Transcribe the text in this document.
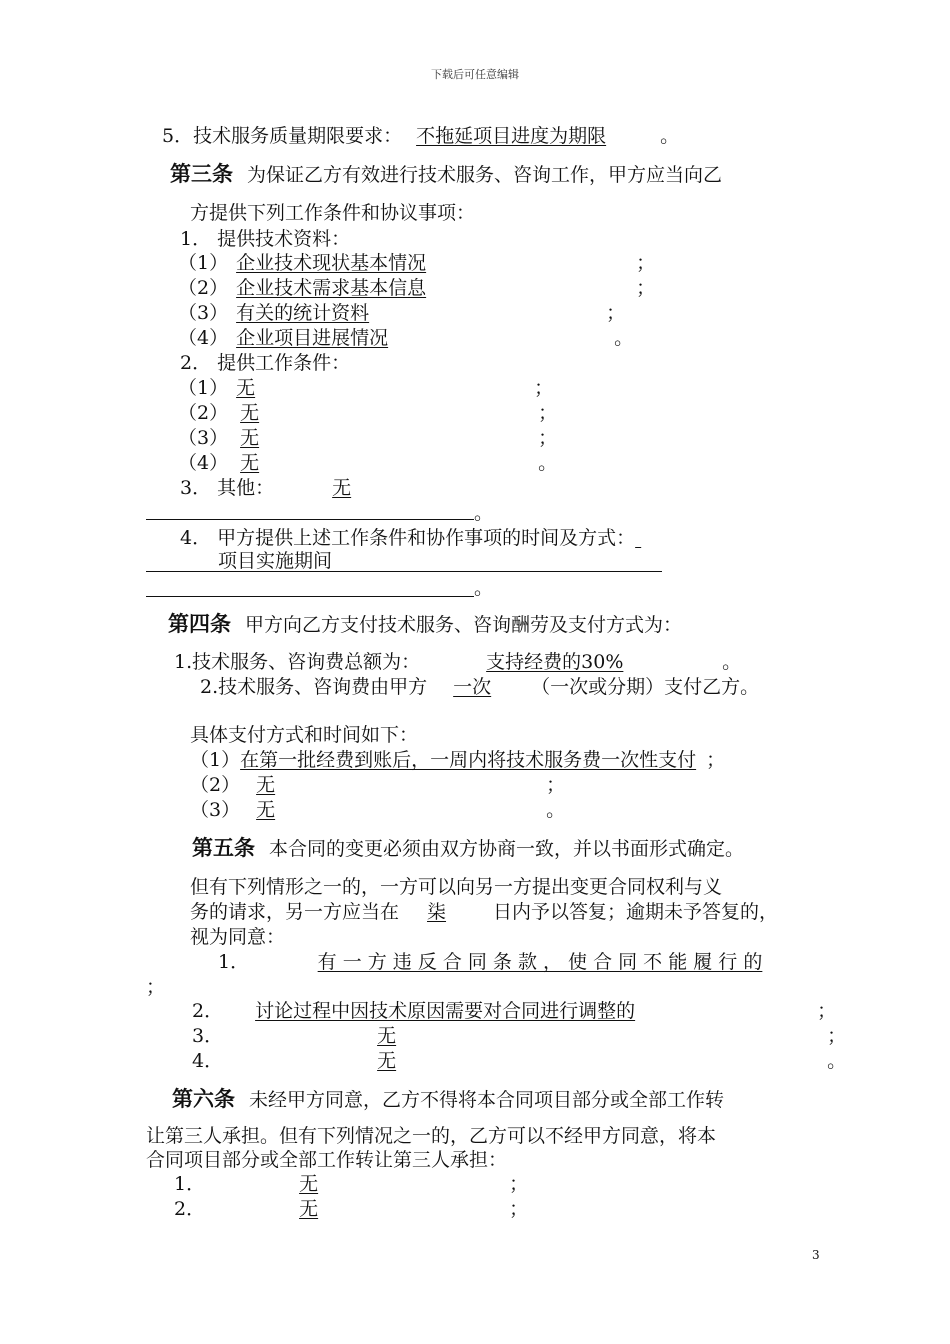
下载后可任意编辑
5．技术服务质量期限要求： 不拖延项目进度为期限	。
第三条 为保证乙方有效进行技术服务、咨询工作，甲方应当向乙
方提供下列工作条件和协议事项：
1． 提供技术资料：
（1） 企业技术现状基本情况	；
（2） 企业技术需求基本信息	；
（3） 有关的统计资料	；
（4） 企业项目进展情况	。
2． 提供工作条件：
（1） 无	；
（2） 无	；
（3） 无	；
（4） 无	。
3． 其他：	无
。
4． 甲方提供上述工作条件和协作事项的时间及方式：
项目实施期间
。
第四条 甲方向乙方支付技术服务、咨询酬劳及支付方式为：
1.技术服务、咨询费总额为：	支持经费的30%	。
2.技术服务、咨询费由甲方 一次 （一次或分期）支付乙方。
具体支付方式和时间如下：
（1）在第一批经费到账后，一周内将技术服务费一次性支付 ；
（2） 无	；
（3） 无	。
第五条 本合同的变更必须由双方协商一致，并以书面形式确定。
但有下列情形之一的，一方可以向另一方提出变更合同权利与义
务的请求，另一方应当在 柒 日内予以答复；逾期未予答复的，
视为同意：
1．	有 一 方 违 反 合 同 条 款 ， 使 合 同 不 能 履 行 的
；
2． 讨论过程中因技术原因需要对合同进行调整的	；
3．	无	；
4．	无	。
第六条 未经甲方同意，乙方不得将本合同项目部分或全部工作转
让第三人承担。但有下列情况之一的，乙方可以不经甲方同意，将本
合同项目部分或全部工作转让第三人承担：
1．	无	；
2．	无	；
3
